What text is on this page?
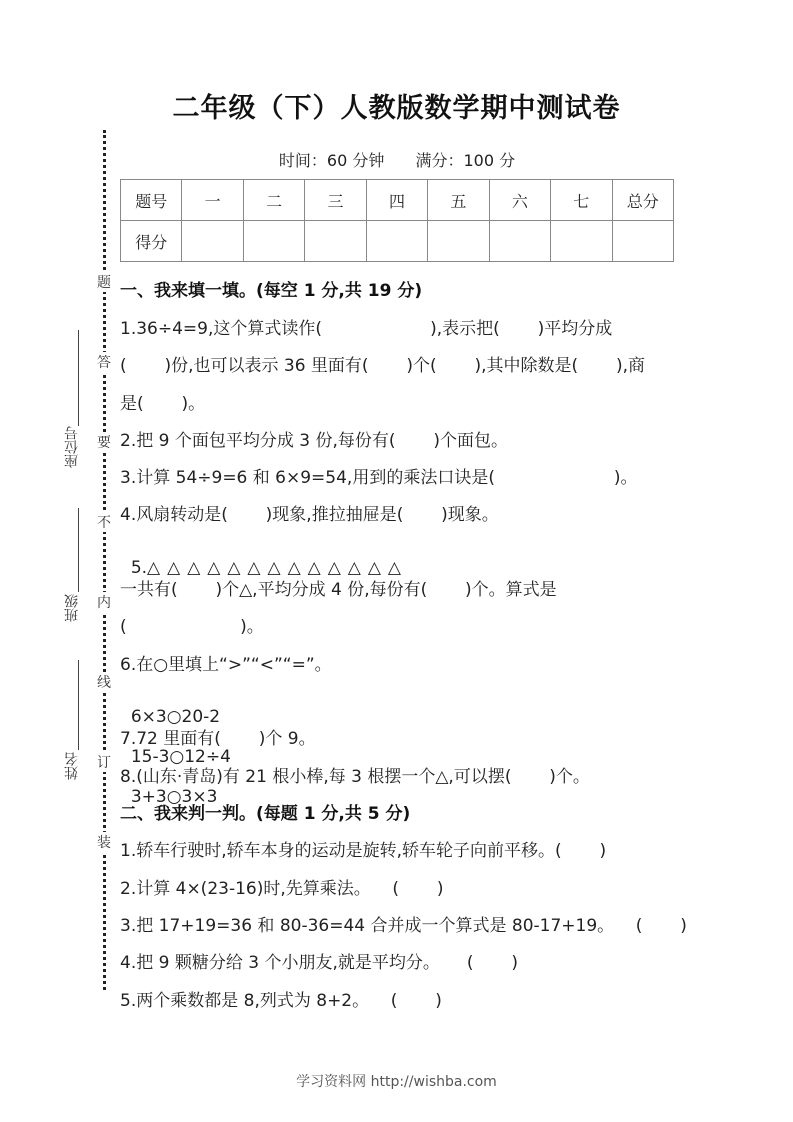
题
答
要
不
内
线
订
装
座位号
班级
姓名
二年级（下）人教版数学期中测试卷
时间：60 分钟 满分：100 分
题号	一	二	三	四	五	六	七	总分
得分								
一、我来填一填。(每空 1 分,共 19 分)
1.36÷4=9,这个算式读作(                    ),表示把(       )平均分成
(       )份,也可以表示 36 里面有(       )个(       ),其中除数是(       ),商
是(       )。
2.把 9 个面包平均分成 3 份,每份有(       )个面包。
3.计算 54÷9=6 和 6×9=54,用到的乘法口诀是(                      )。
4.风扇转动是(       )现象,推拉抽屉是(       )现象。

5.△△△△△△△△△△△△△

一共有(       )个△,平均分成 4 份,每份有(       )个。算式是
(                     )。
6.在○里填上“>”“<”“=”。

6×3○20-2

15-3○12÷4

3+3○3×3

7.72 里面有(       )个 9。
8.(山东·青岛)有 21 根小棒,每 3 根摆一个△,可以摆(       )个。
二、我来判一判。(每题 1 分,共 5 分)
1.轿车行驶时,轿车本身的运动是旋转,轿车轮子向前平移。(       )
2.计算 4×(23-16)时,先算乘法。    (       )
3.把 17+19=36 和 80-36=44 合并成一个算式是 80-17+19。    (       )
4.把 9 颗糖分给 3 个小朋友,就是平均分。     (       )
5.两个乘数都是 8,列式为 8+2。    (       )
学习资料网 http://wishba.com
